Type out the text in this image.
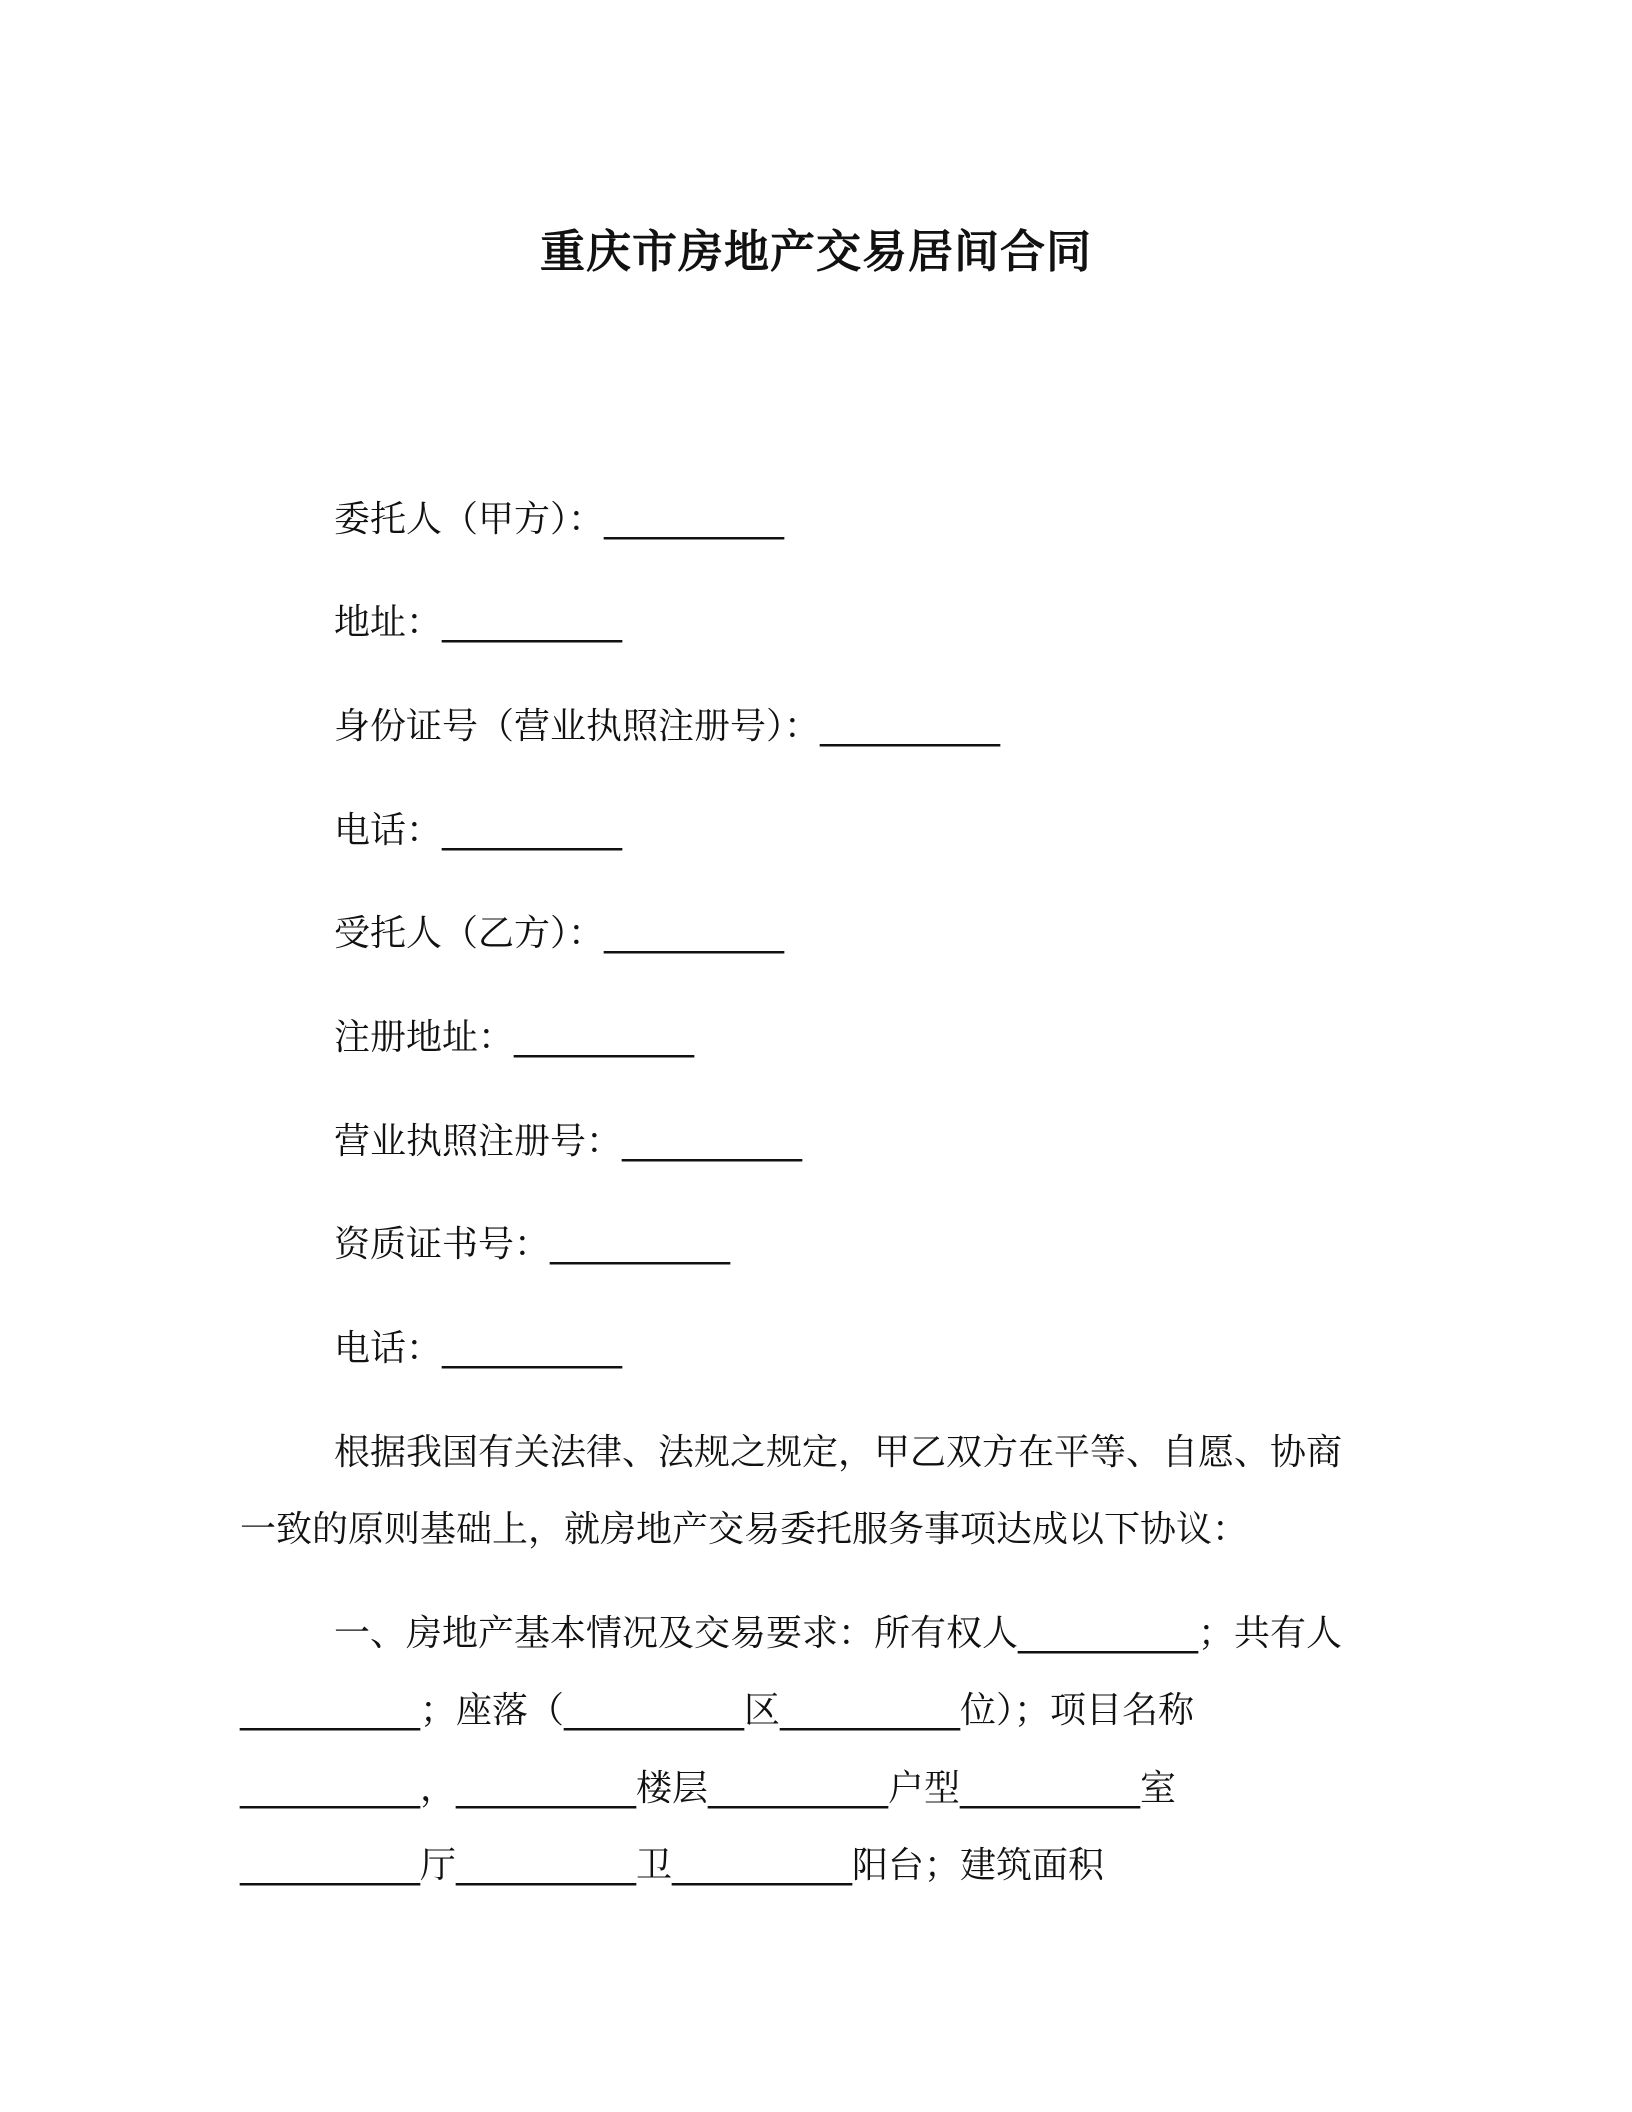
重庆市房地产交易居间合同
委托人（甲方）：__________
地址：__________
身份证号（营业执照注册号）：__________
电话：__________
受托人（乙方）：__________
注册地址：__________
营业执照注册号：__________
资质证书号：__________
电话：__________
根据我国有关法律、法规之规定，甲乙双方在平等、自愿、协商
一致的原则基础上，就房地产交易委托服务事项达成以下协议：
一、房地产基本情况及交易要求：所有权人__________；共有人
__________；座落（__________区__________位）；项目名称
__________，__________楼层__________户型__________室
__________厅__________卫__________阳台；建筑面积
